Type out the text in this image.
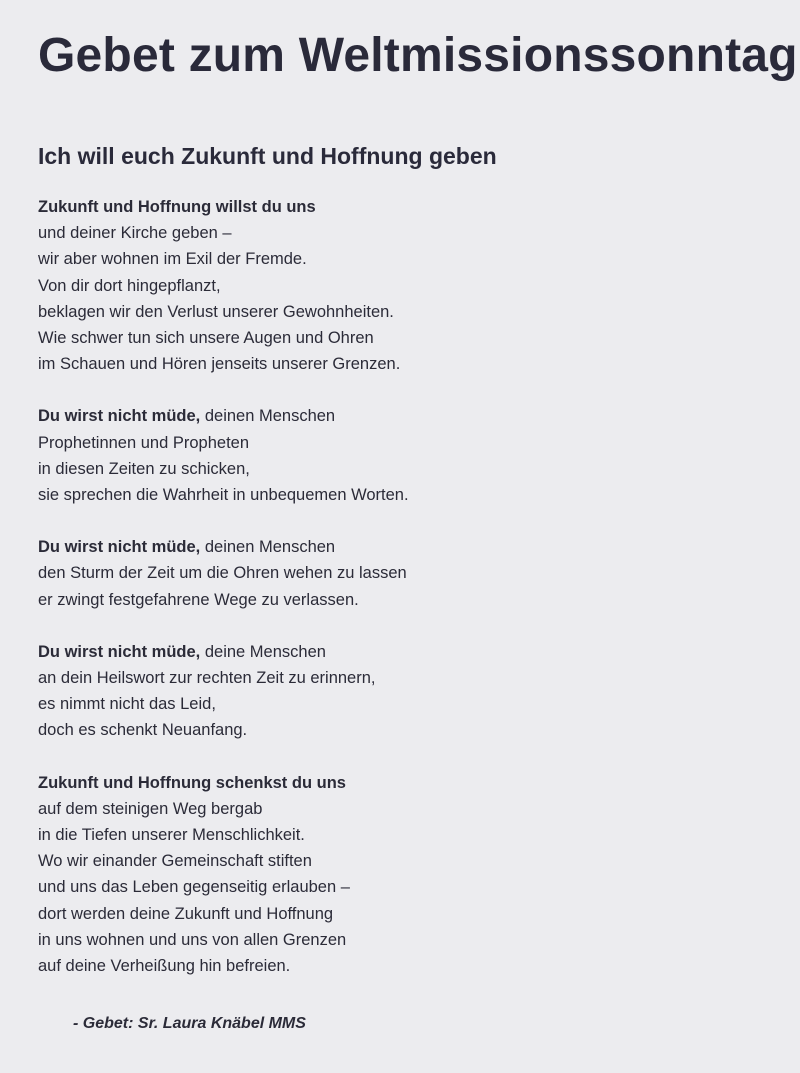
Gebet zum Weltmissionssonntag
Ich will euch Zukunft und Hoffnung geben

Zukunft und Hoffnung willst du uns
und deiner Kirche geben –
wir aber wohnen im Exil der Fremde.
Von dir dort hingepflanzt,
beklagen wir den Verlust unserer Gewohnheiten.
Wie schwer tun sich unsere Augen und Ohren
im Schauen und Hören jenseits unserer Grenzen.

Du wirst nicht müde, deinen Menschen
Prophetinnen und Propheten
in diesen Zeiten zu schicken,
sie sprechen die Wahrheit in unbequemen Worten.

Du wirst nicht müde, deinen Menschen
den Sturm der Zeit um die Ohren wehen zu lassen
er zwingt festgefahrene Wege zu verlassen.

Du wirst nicht müde, deine Menschen
an dein Heilswort zur rechten Zeit zu erinnern,
es nimmt nicht das Leid,
doch es schenkt Neuanfang.

Zukunft und Hoffnung schenkst du uns
auf dem steinigen Weg bergab
in die Tiefen unserer Menschlichkeit.
Wo wir einander Gemeinschaft stiften
und uns das Leben gegenseitig erlauben –
dort werden deine Zukunft und Hoffnung
in uns wohnen und uns von allen Grenzen
auf deine Verheißung hin befreien.

- Gebet: Sr. Laura Knäbel MMS
